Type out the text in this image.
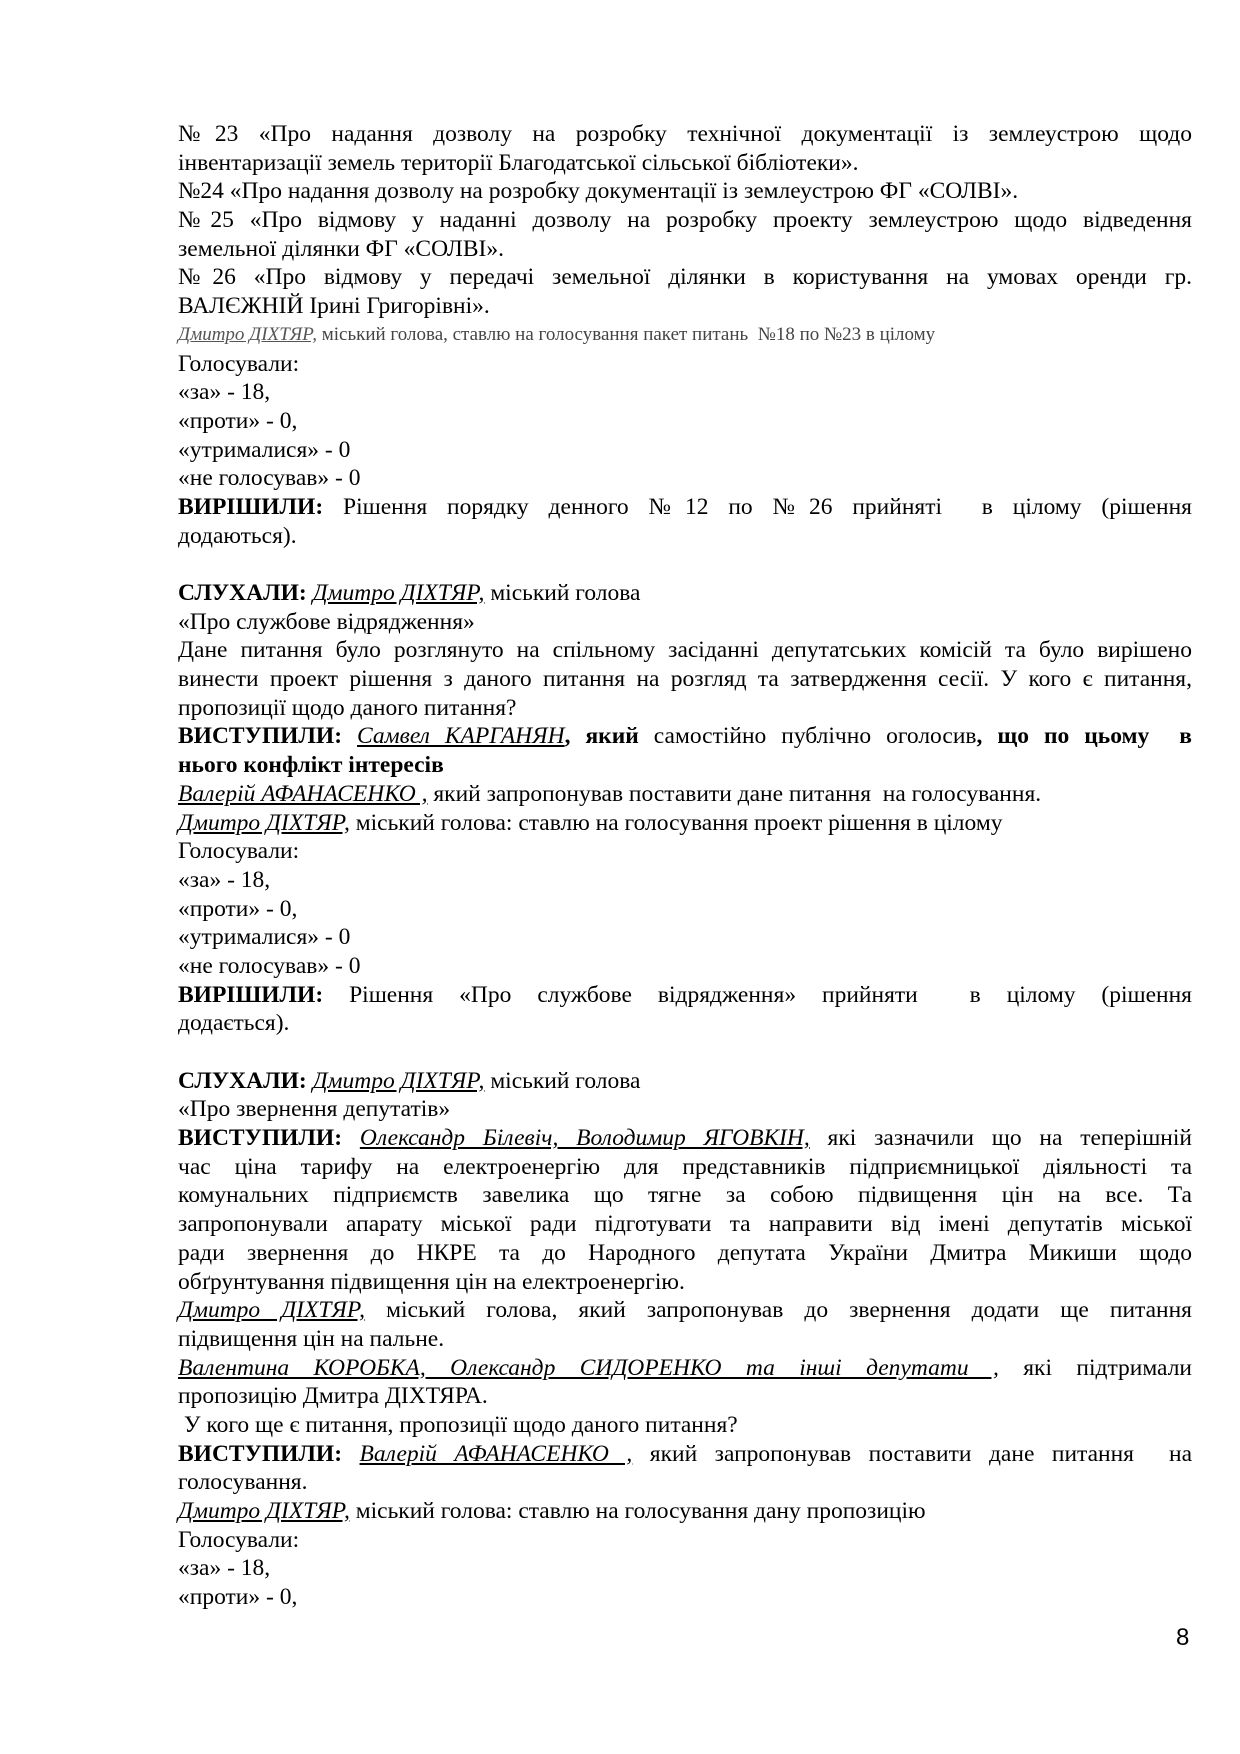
№23 «Про надання дозволу на розробку технічної документації із землеустрою щодо
інвентаризації земель території Благодатської сільської бібліотеки».
№24 «Про надання дозволу на розробку документації із землеустрою ФГ «СОЛВІ».
№25 «Про відмову у наданні дозволу на розробку проекту землеустрою щодо відведення
земельної ділянки ФГ «СОЛВІ».
№26 «Про відмову у передачі земельної ділянки в користування на умовах оренди гр.
ВАЛЄЖНІЙ Ірині Григорівні».
Дмитро ДІХТЯР, міський голова, ставлю на голосування пакет питань  №18 по №23 в цілому
Голосували:
«за» - 18,
«проти» - 0,
«утрималися» - 0
«не голосував» - 0
ВИРІШИЛИ: Рішення порядку денного №12 по №26 прийняті  в цілому (рішення
додаються).
СЛУХАЛИ: Дмитро ДІХТЯР, міський голова
«Про службове відрядження»
Дане питання було розглянуто на спільному засіданні депутатських комісій та було вирішено
винести проект рішення з даного питання на розгляд та затвердження сесії. У кого є питання,
пропозиції щодо даного питання?
ВИСТУПИЛИ: Самвел КАРГАНЯН, який самостійно публічно оголосив, що по цьому  в
нього конфлікт інтересів
Валерій АФАНАСЕНКО , який запропонував поставити дане питання  на голосування.
Дмитро ДІХТЯР, міський голова: ставлю на голосування проект рішення в цілому
Голосували:
«за» - 18,
«проти» - 0,
«утрималися» - 0
«не голосував» - 0
ВИРІШИЛИ: Рішення «Про службове відрядження» прийняти  в цілому (рішення
додається).
СЛУХАЛИ: Дмитро ДІХТЯР, міський голова
«Про звернення депутатів»
ВИСТУПИЛИ: Олександр Білевіч, Володимир ЯГОВКІН, які зазначили що на теперішній
час ціна тарифу на електроенергію для представників підприємницької діяльності та
комунальних підприємств завелика що тягне за собою підвищення цін на все. Та
запропонували апарату міської ради підготувати та направити від імені депутатів міської
ради звернення до НКРЕ та до Народного депутата України Дмитра Микиши щодо
обґрунтування підвищення цін на електроенергію.
Дмитро ДІХТЯР, міський голова, який запропонував до звернення додати ще питання
підвищення цін на пальне.
Валентина КОРОБКА, Олександр СИДОРЕНКО та інші депутати , які підтримали
пропозицію Дмитра ДІХТЯРА.
У кого ще є питання, пропозиції щодо даного питання?
ВИСТУПИЛИ: Валерій АФАНАСЕНКО , який запропонував поставити дане питання  на
голосування.
Дмитро ДІХТЯР, міський голова: ставлю на голосування дану пропозицію
Голосували:
«за» - 18,
«проти» - 0,
8
